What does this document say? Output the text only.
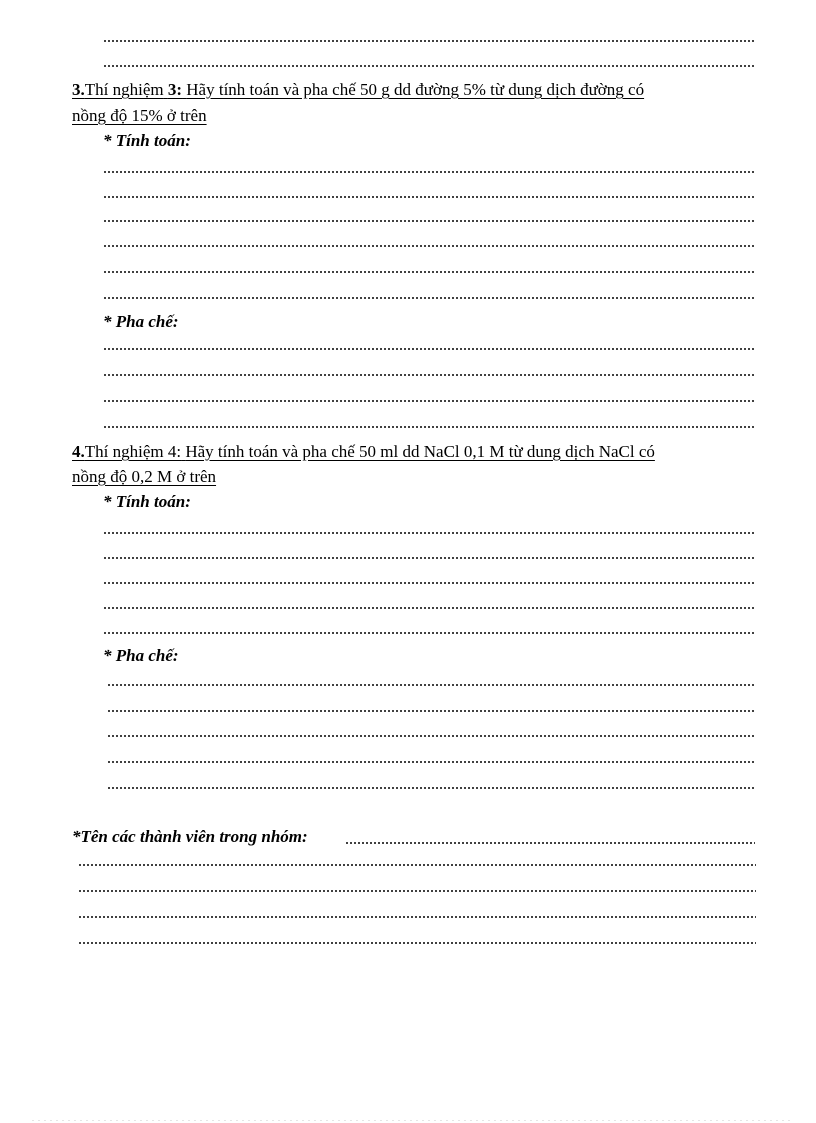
3.Thí nghiệm 3: Hãy tính toán và pha chế 50 g dd đường 5% từ dung dịch đường có
nồng độ 15% ở trên
* Tính toán:
* Pha chế:
4.Thí nghiệm 4: Hãy tính toán và pha chế 50 ml dd NaCl 0,1 M từ dung dịch NaCl có
nồng độ 0,2 M ở trên
* Tính toán:
* Pha chế:
*Tên các thành viên trong nhóm:
